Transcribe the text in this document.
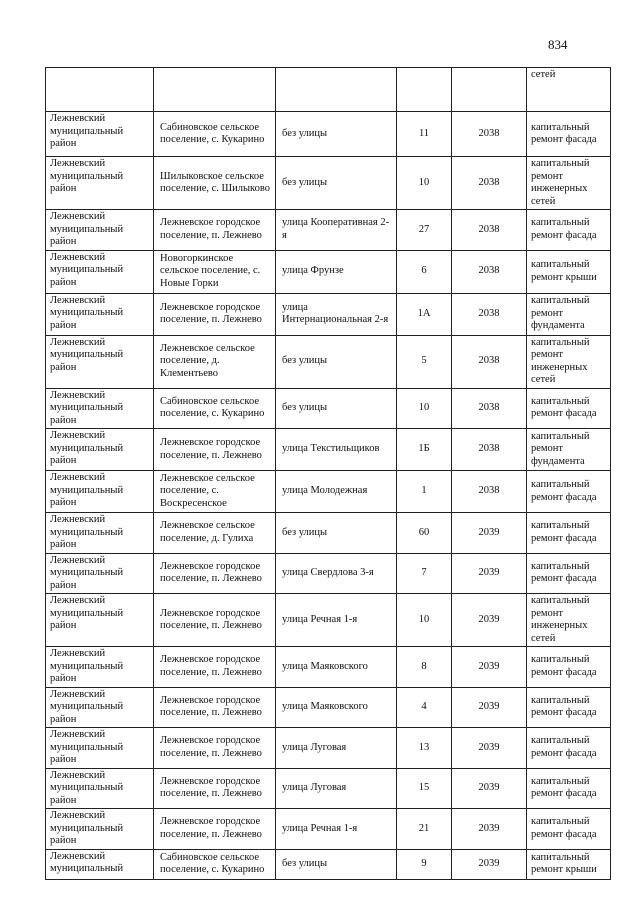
834
					сетей
Лежневский муниципальный район	Сабиновское сельское поселение, с. Кукарино	без улицы	11	2038	капитальный ремонт фасада
Лежневский муниципальный район	Шилыковское сельское поселение, с. Шилыково	без улицы	10	2038	капитальный ремонт инженерных сетей
Лежневский муниципальный район	Лежневское городское поселение, п. Лежнево	улица Кооперативная 2-я	27	2038	капитальный ремонт фасада
Лежневский муниципальный район	Новогоркинское сельское поселение, с. Новые Горки	улица Фрунзе	6	2038	капитальный ремонт крыши
Лежневский муниципальный район	Лежневское городское поселение, п. Лежнево	улица Интернациональная 2-я	1А	2038	капитальный ремонт фундамента
Лежневский муниципальный район	Лежневское сельское поселение, д. Клементьево	без улицы	5	2038	капитальный ремонт инженерных сетей
Лежневский муниципальный район	Сабиновское сельское поселение, с. Кукарино	без улицы	10	2038	капитальный ремонт фасада
Лежневский муниципальный район	Лежневское городское поселение, п. Лежнево	улица Текстильщиков	1Б	2038	капитальный ремонт фундамента
Лежневский муниципальный район	Лежневское сельское поселение, с. Воскресенское	улица Молодежная	1	2038	капитальный ремонт фасада
Лежневский муниципальный район	Лежневское сельское поселение, д. Гулиха	без улицы	60	2039	капитальный ремонт фасада
Лежневский муниципальный район	Лежневское городское поселение, п. Лежнево	улица Свердлова 3-я	7	2039	капитальный ремонт фасада
Лежневский муниципальный район	Лежневское городское поселение, п. Лежнево	улица Речная 1-я	10	2039	капитальный ремонт инженерных сетей
Лежневский муниципальный район	Лежневское городское поселение, п. Лежнево	улица Маяковского	8	2039	капитальный ремонт фасада
Лежневский муниципальный район	Лежневское городское поселение, п. Лежнево	улица Маяковского	4	2039	капитальный ремонт фасада
Лежневский муниципальный район	Лежневское городское поселение, п. Лежнево	улица Луговая	13	2039	капитальный ремонт фасада
Лежневский муниципальный район	Лежневское городское поселение, п. Лежнево	улица Луговая	15	2039	капитальный ремонт фасада
Лежневский муниципальный район	Лежневское городское поселение, п. Лежнево	улица Речная 1-я	21	2039	капитальный ремонт фасада
Лежневский муниципальный	Сабиновское сельское поселение, с. Кукарино	без улицы	9	2039	капитальный ремонт крыши
